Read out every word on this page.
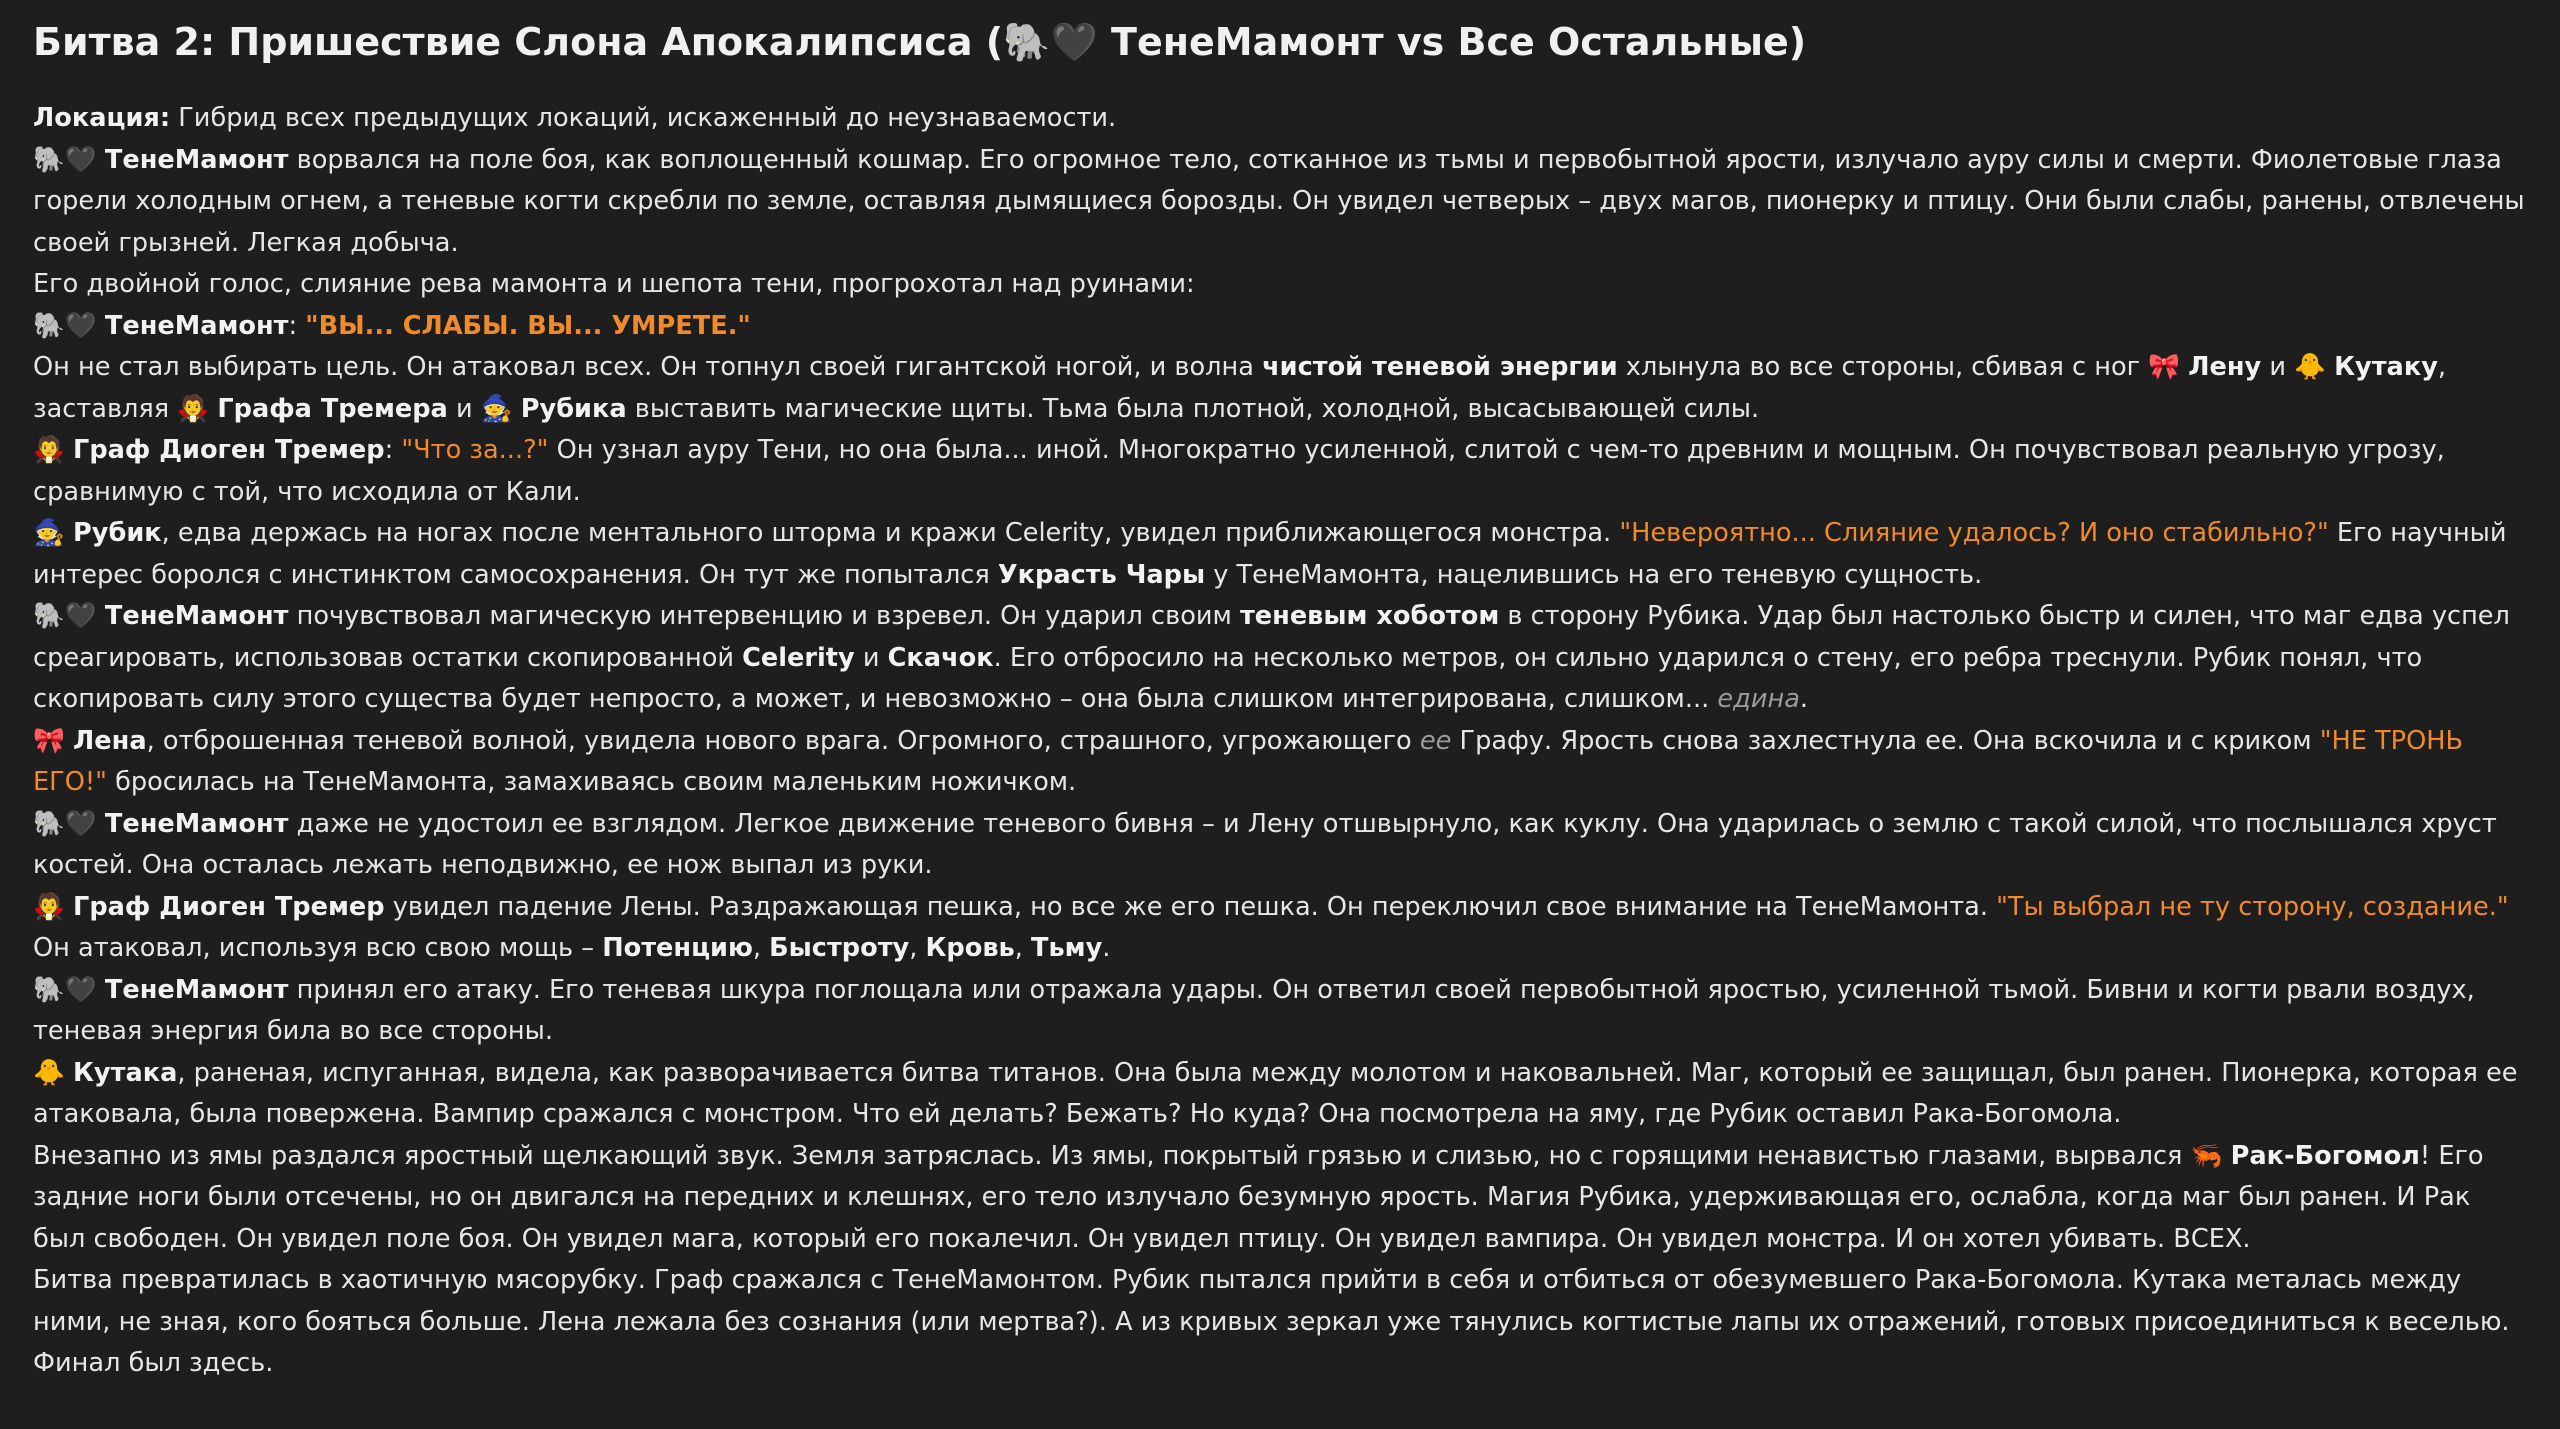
Битва 2: Пришествие Слона Апокалипсиса (🐘🖤 ТенеМамонт vs Все Остальные)

Локация: Гибрид всех предыдущих локаций, искаженный до неузнаваемости.

🐘🖤 ТенеМамонт ворвался на поле боя, как воплощенный кошмар. Его огромное тело, сотканное из тьмы и первобытной ярости, излучало ауру силы и смерти. Фиолетовые глаза горели холодным огнем, а теневые когти скребли по земле, оставляя дымящиеся борозды. Он увидел четверых – двух магов, пионерку и птицу. Они были слабы, ранены, отвлечены своей грызней. Легкая добыча.

Его двойной голос, слияние рева мамонта и шепота тени, прогрохотал над руинами:

🐘🖤 ТенеМамонт: "ВЫ... СЛАБЫ. ВЫ... УМРЕТЕ."

Он не стал выбирать цель. Он атаковал всех. Он топнул своей гигантской ногой, и волна чистой теневой энергии хлынула во все стороны, сбивая с ног 🎀 Лену и 🐥 Кутаку, заставляя 🧛 Графа Тремера и 🧙 Рубика выставить магические щиты. Тьма была плотной, холодной, высасывающей силы.

🧛 Граф Диоген Тремер: "Что за...?" Он узнал ауру Тени, но она была... иной. Многократно усиленной, слитой с чем-то древним и мощным. Он почувствовал реальную угрозу, сравнимую с той, что исходила от Кали.

🧙 Рубик, едва держась на ногах после ментального шторма и кражи Celerity, увидел приближающегося монстра. "Невероятно... Слияние удалось? И оно стабильно?" Его научный интерес боролся с инстинктом самосохранения. Он тут же попытался Украсть Чары у ТенеМамонта, нацелившись на его теневую сущность.

🐘🖤 ТенеМамонт почувствовал магическую интервенцию и взревел. Он ударил своим теневым хоботом в сторону Рубика. Удар был настолько быстр и силен, что маг едва успел среагировать, использовав остатки скопированной Celerity и Скачок. Его отбросило на несколько метров, он сильно ударился о стену, его ребра треснули. Рубик понял, что скопировать силу этого существа будет непросто, а может, и невозможно – она была слишком интегрирована, слишком... едина.

🎀 Лена, отброшенная теневой волной, увидела нового врага. Огромного, страшного, угрожающего ее Графу. Ярость снова захлестнула ее. Она вскочила и с криком "НЕ ТРОНЬ ЕГО!" бросилась на ТенеМамонта, замахиваясь своим маленьким ножичком.

🐘🖤 ТенеМамонт даже не удостоил ее взглядом. Легкое движение теневого бивня – и Лену отшвырнуло, как куклу. Она ударилась о землю с такой силой, что послышался хруст костей. Она осталась лежать неподвижно, ее нож выпал из руки.

🧛 Граф Диоген Тремер увидел падение Лены. Раздражающая пешка, но все же его пешка. Он переключил свое внимание на ТенеМамонта. "Ты выбрал не ту сторону, создание." Он атаковал, используя всю свою мощь – Потенцию, Быстроту, Кровь, Тьму.

🐘🖤 ТенеМамонт принял его атаку. Его теневая шкура поглощала или отражала удары. Он ответил своей первобытной яростью, усиленной тьмой. Бивни и когти рвали воздух, теневая энергия била во все стороны.

🐥 Кутака, раненая, испуганная, видела, как разворачивается битва титанов. Она была между молотом и наковальней. Маг, который ее защищал, был ранен. Пионерка, которая ее атаковала, была повержена. Вампир сражался с монстром. Что ей делать? Бежать? Но куда? Она посмотрела на яму, где Рубик оставил Рака-Богомола.

Внезапно из ямы раздался яростный щелкающий звук. Земля затряслась. Из ямы, покрытый грязью и слизью, но с горящими ненавистью глазами, вырвался 🦐 Рак-Богомол! Его задние ноги были отсечены, но он двигался на передних и клешнях, его тело излучало безумную ярость. Магия Рубика, удерживающая его, ослабла, когда маг был ранен. И Рак был свободен. Он увидел поле боя. Он увидел мага, который его покалечил. Он увидел птицу. Он увидел вампира. Он увидел монстра. И он хотел убивать. ВСЕХ.

Битва превратилась в хаотичную мясорубку. Граф сражался с ТенеМамонтом. Рубик пытался прийти в себя и отбиться от обезумевшего Рака-Богомола. Кутака металась между ними, не зная, кого бояться больше. Лена лежала без сознания (или мертва?). А из кривых зеркал уже тянулись когтистые лапы их отражений, готовых присоединиться к веселью. Финал был здесь.
